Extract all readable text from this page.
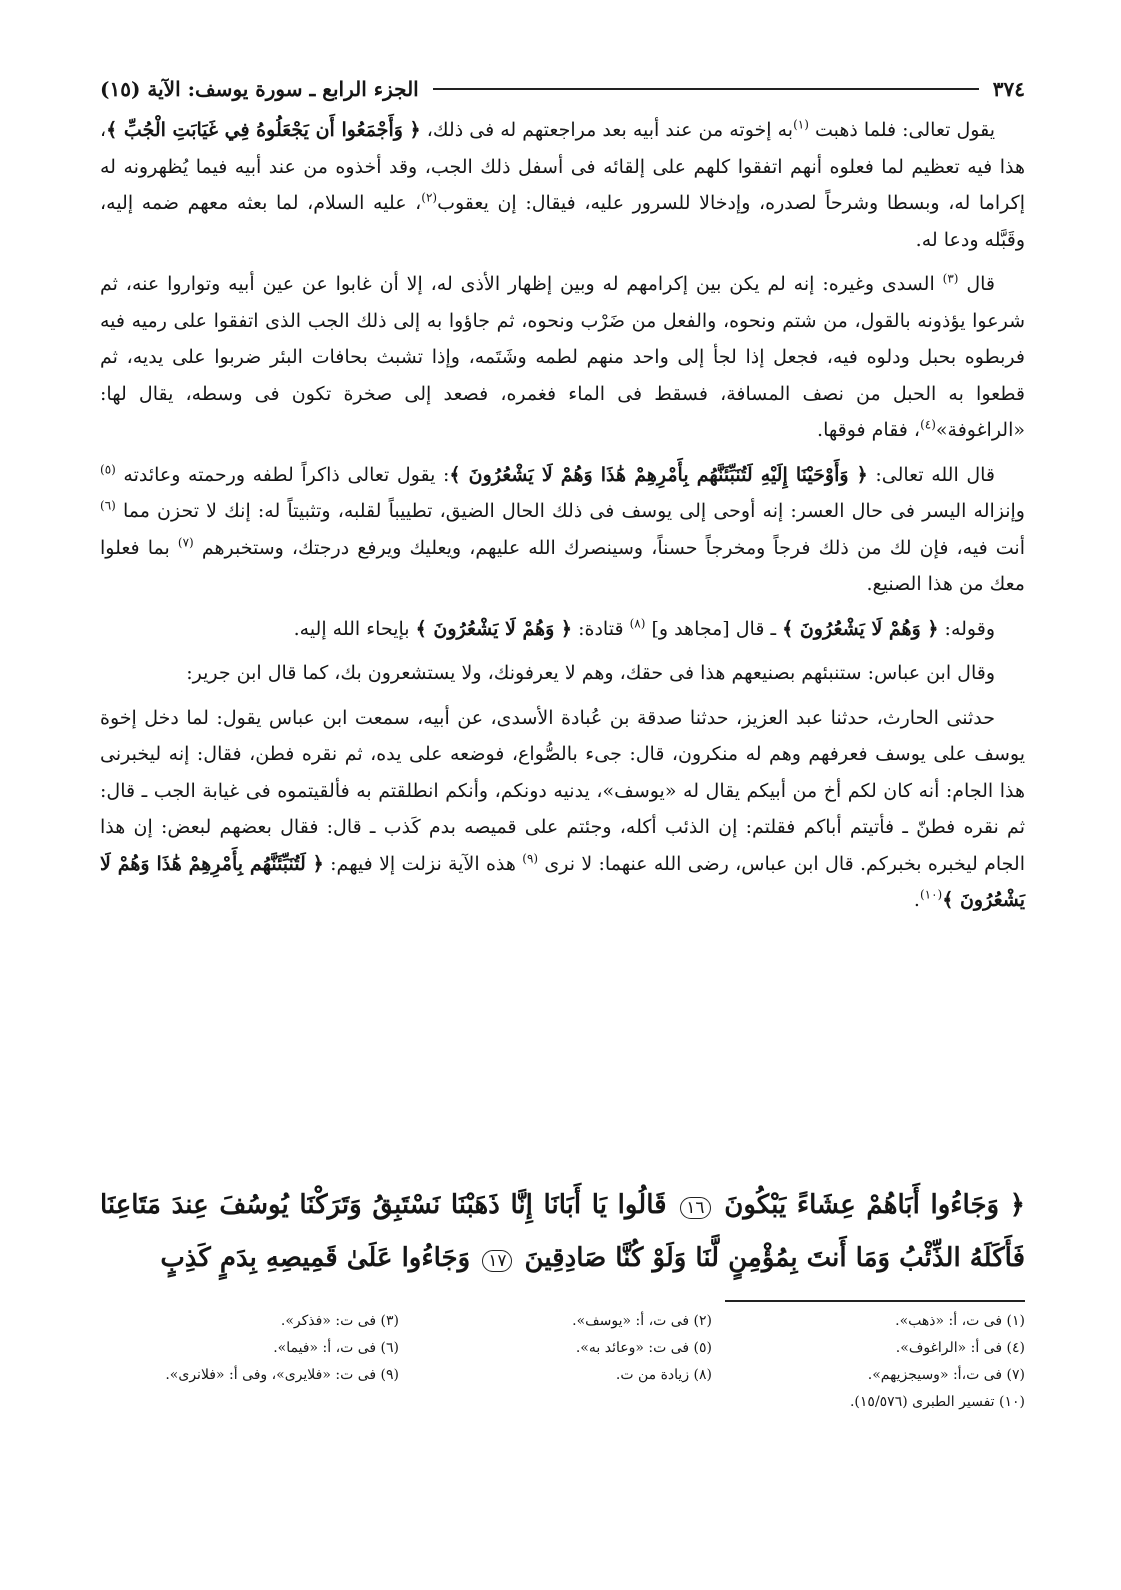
٣٧٤
الجزء الرابع ـ سورة يوسف: الآية (١٥)

يقول تعالى: فلما ذهبت $^{(١)}$به إخوته من عند أبيه بعد مراجعتهم له فى ذلك، ﴿ وَأَجْمَعُوا أَن يَجْعَلُوهُ فِي غَيَابَتِ الْجُبِّ ﴾، هذا فيه تعظيم لما فعلوه أنهم اتفقوا كلهم على إلقائه فى أسفل ذلك الجب، وقد أخذوه من عند أبيه فيما يُظهرونه له إكراما له، وبسطا وشرحاً لصدره، وإدخالا للسرور عليه، فيقال: إن يعقوب$^{(٢)}$، عليه السلام، لما بعثه معهم ضمه إليه، وقَبَّله ودعا له.

قال $^{(٣)}$ السدى وغيره: إنه لم يكن بين إكرامهم له وبين إظهار الأذى له، إلا أن غابوا عن عين أبيه وتواروا عنه، ثم شرعوا يؤذونه بالقول، من شتم ونحوه، والفعل من ضَرْب ونحوه، ثم جاؤوا به إلى ذلك الجب الذى اتفقوا على رميه فيه فربطوه بحبل ودلوه فيه، فجعل إذا لجأ إلى واحد منهم لطمه وشَتَمه، وإذا تشبث بحافات البئر ضربوا على يديه، ثم قطعوا به الحبل من نصف المسافة، فسقط فى الماء فغمره، فصعد إلى صخرة تكون فى وسطه، يقال لها: «الراغوفة»$^{(٤)}$، فقام فوقها.

قال الله تعالى: ﴿ وَأَوْحَيْنَا إِلَيْهِ لَتُنَبِّئَنَّهُم بِأَمْرِهِمْ هَٰذَا وَهُمْ لَا يَشْعُرُونَ ﴾: يقول تعالى ذاكراً لطفه ورحمته وعائدته $^{(٥)}$ وإنزاله اليسر فى حال العسر: إنه أوحى إلى يوسف فى ذلك الحال الضيق، تطييباً لقلبه، وتثبيتاً له: إنك لا تحزن مما $^{(٦)}$ أنت فيه، فإن لك من ذلك فرجاً ومخرجاً حسناً، وسينصرك الله عليهم، ويعليك ويرفع درجتك، وستخبرهم $^{(٧)}$ بما فعلوا معك من هذا الصنيع.

وقوله: ﴿ وَهُمْ لَا يَشْعُرُونَ ﴾ ـ قال [مجاهد و] $^{(٨)}$ قتادة: ﴿ وَهُمْ لَا يَشْعُرُونَ ﴾ بإيحاء الله إليه.

وقال ابن عباس: ستنبئهم بصنيعهم هذا فى حقك، وهم لا يعرفونك، ولا يستشعرون بك، كما قال ابن جرير:

حدثنى الحارث، حدثنا عبد العزيز، حدثنا صدقة بن عُبادة الأسدى، عن أبيه، سمعت ابن عباس يقول: لما دخل إخوة يوسف على يوسف فعرفهم وهم له منكرون، قال: جىء بالصُّواع، فوضعه على يده، ثم نقره فطن، فقال: إنه ليخبرنى هذا الجام: أنه كان لكم أخ من أبيكم يقال له «يوسف»، يدنيه دونكم، وأنكم انطلقتم به فألقيتموه فى غيابة الجب ـ قال: ثم نقره فطنّ ـ فأتيتم أباكم فقلتم: إن الذئب أكله، وجئتم على قميصه بدم كَذب ـ قال: فقال بعضهم لبعض: إن هذا الجام ليخبره بخبركم. قال ابن عباس، رضى الله عنهما: لا نرى $^{(٩)}$ هذه الآية نزلت إلا فيهم: ﴿ لَتُنَبِّئَنَّهُم بِأَمْرِهِمْ هَٰذَا وَهُمْ لَا يَشْعُرُونَ ﴾$^{(١٠)}$.

﴿ وَجَاءُوا أَبَاهُمْ عِشَاءً يَبْكُونَ ١٦ قَالُوا يَا أَبَانَا إِنَّا ذَهَبْنَا نَسْتَبِقُ وَتَرَكْنَا يُوسُفَ عِندَ مَتَاعِنَا فَأَكَلَهُ الذِّئْبُ وَمَا أَنتَ بِمُؤْمِنٍ لَّنَا وَلَوْ كُنَّا صَادِقِينَ ١٧ وَجَاءُوا عَلَىٰ قَمِيصِهِ بِدَمٍ كَذِبٍ
(١) فى ت، أ: «ذهب».
(٢) فى ت، أ: «يوسف».
(٣) فى ت: «فذكر».
(٤) فى أ: «الراغوف».
(٥) فى ت: «وعائد به».
(٦) فى ت، أ: «فيما».
(٧) فى ت،أ: «وسيجزيهم».
(٨) زيادة من ت.
(٩) فى ت: «فلايرى»، وفى أ: «فلانرى».
(١٠) تفسير الطبرى (١٥/٥٧٦).
